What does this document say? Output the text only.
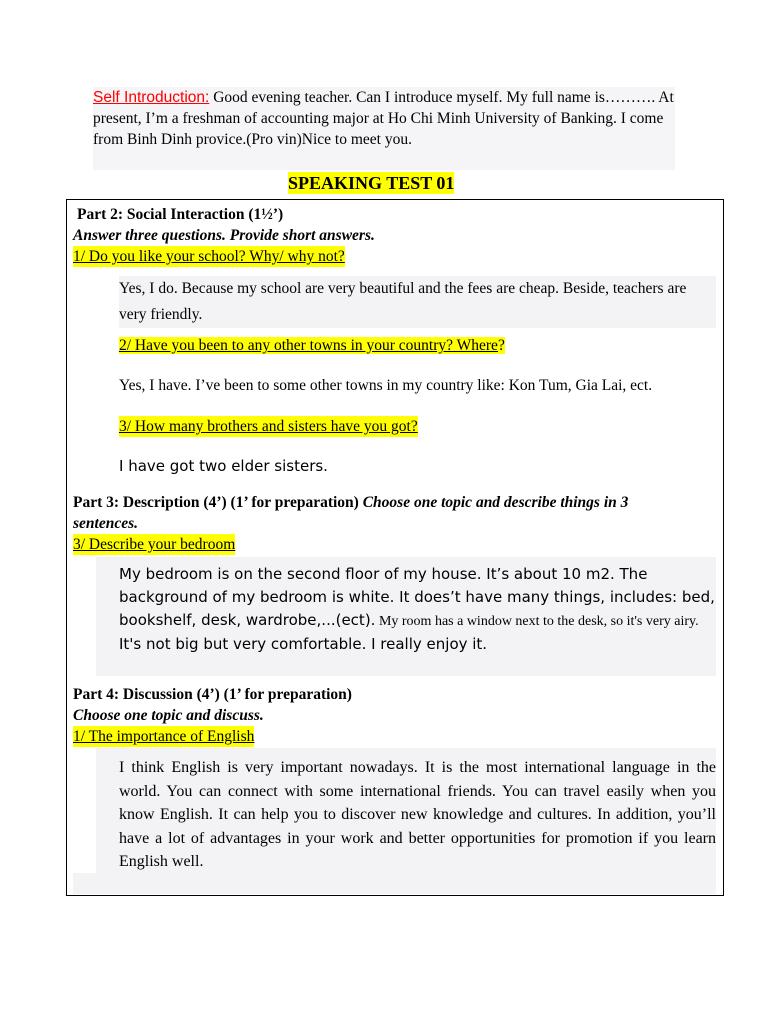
Self Introduction: Good evening teacher. Can I introduce myself. My full name is………. At present, I’m a freshman of accounting major at Ho Chi Minh University of Banking. I come from Binh Dinh provice.(Pro vin)Nice to meet you.
SPEAKING TEST 01
Part 2: Social Interaction (1½’)
Answer three questions. Provide short answers.
1/ Do you like your school? Why/ why not?
Yes, I do. Because my school are very beautiful and the fees are cheap. Beside, teachers are very friendly.
2/ Have you been to any other towns in your country? Where?
Yes, I have. I’ve been to some other towns in my country like: Kon Tum, Gia Lai, ect.
3/ How many brothers and sisters have you got?
I have got two elder sisters.
Part 3: Description (4’) (1’ for preparation) Choose one topic and describe things in 3
sentences.
3/ Describe your bedroom
My bedroom is on the second floor of my house. It’s about 10 m2. The background of my bedroom is white. It does’t have many things, includes: bed, bookshelf, desk, wardrobe,...(ect). My room has a window next to the desk, so it's very airy. It's not big but very comfortable. I really enjoy it.
Part 4: Discussion (4’) (1’ for preparation)
Choose one topic and discuss.
1/ The importance of English
I think English is very important nowadays. It is the most international language in the world. You can connect with some international friends. You can travel easily when you know English. It can help you to discover new knowledge and cultures. In addition, you’ll have a lot of advantages in your work and better opportunities for promotion if you learn English well.
